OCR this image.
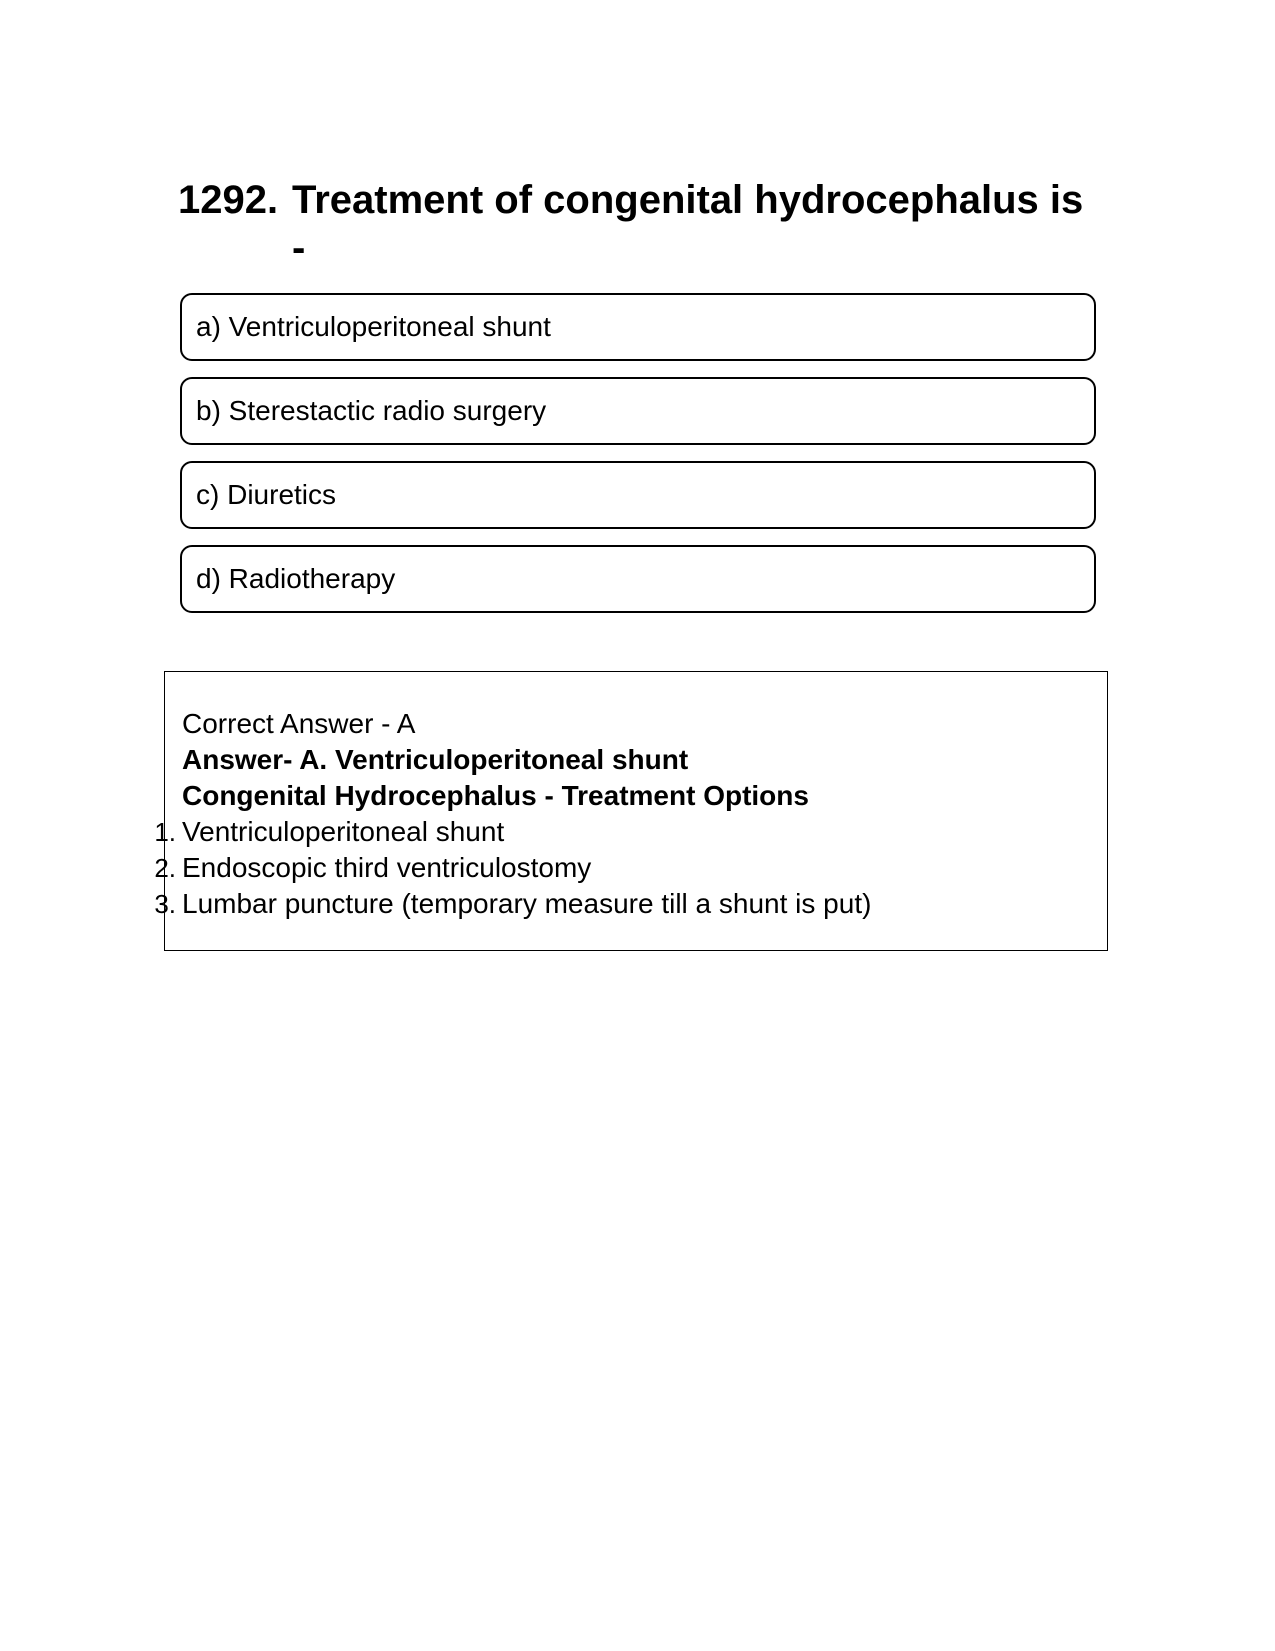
1292. Treatment of congenital hydrocephalus is -
a) Ventriculoperitoneal shunt
b) Sterestactic radio surgery
c) Diuretics
d) Radiotherapy
Correct Answer - A
Answer- A. Ventriculoperitoneal shunt
Congenital Hydrocephalus - Treatment Options
1. Ventriculoperitoneal shunt
2. Endoscopic third ventriculostomy
3. Lumbar puncture (temporary measure till a shunt is put)
